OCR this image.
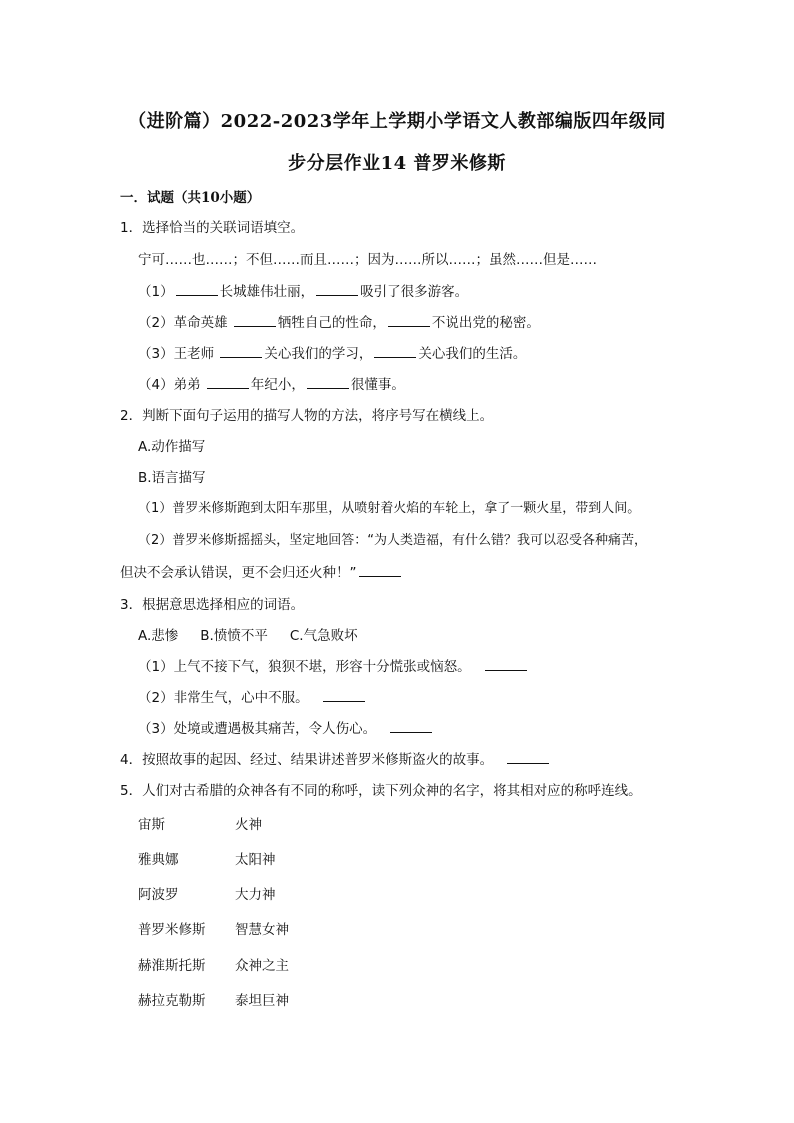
（进阶篇）2022-2023学年上学期小学语文人教部编版四年级同
步分层作业14 普罗米修斯
一．试题（共10小题）
1．选择恰当的关联词语填空。
宁可……也……；不但……而且……；因为……所以……；虽然……但是……
（1）	长城雄伟壮丽，	吸引了很多游客。
（2）革命英雄	牺牲自己的性命，	不说出党的秘密。
（3）王老师	关心我们的学习，	关心我们的生活。
（4）弟弟	年纪小，	很懂事。
2．判断下面句子运用的描写人物的方法，将序号写在横线上。
A.动作描写
B.语言描写
（1）普罗米修斯跑到太阳车那里，从喷射着火焰的车轮上，拿了一颗火星，带到人间。
（2）普罗米修斯摇摇头，坚定地回答：“为人类造福，有什么错？我可以忍受各种痛苦，
但决不会承认错误，更不会归还火种！”
3．根据意思选择相应的词语。
A.悲惨 B.愤愤不平 C.气急败坏
（1）上气不接下气，狼狈不堪，形容十分慌张或恼怒。
（2）非常生气，心中不服。
（3）处境或遭遇极其痛苦，令人伤心。
4．按照故事的起因、经过、结果讲述普罗米修斯盗火的故事。
5．人们对古希腊的众神各有不同的称呼，读下列众神的名字，将其相对应的称呼连线。
宙斯	火神
雅典娜	太阳神
阿波罗	大力神
普罗米修斯 智慧女神
赫淮斯托斯 众神之主
赫拉克勒斯 泰坦巨神
